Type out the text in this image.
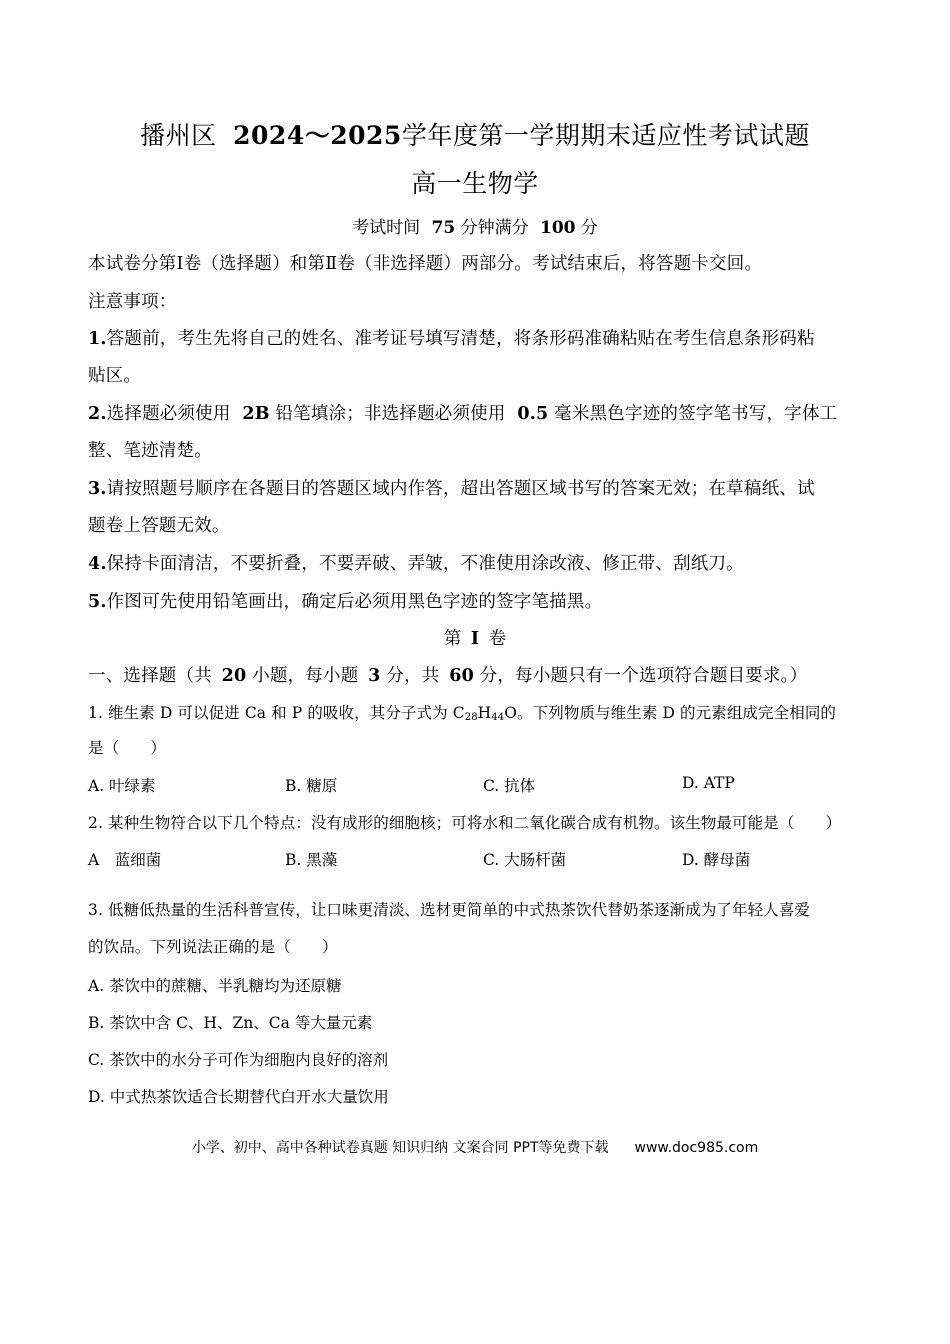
播州区 2024～2025学年度第一学期期末适应性考试试题
高一生物学
考试时间 75 分钟满分 100 分
本试卷分第Ⅰ卷（选择题）和第Ⅱ卷（非选择题）两部分。考试结束后，将答题卡交回。
注意事项：
1.答题前，考生先将自己的姓名、准考证号填写清楚，将条形码准确粘贴在考生信息条形码粘
贴区。
2.选择题必须使用 2B 铅笔填涂；非选择题必须使用 0.5 毫米黑色字迹的签字笔书写，字体工
整、笔迹清楚。
3.请按照题号顺序在各题目的答题区域内作答，超出答题区域书写的答案无效；在草稿纸、试
题卷上答题无效。
4.保持卡面清洁，不要折叠，不要弄破、弄皱，不准使用涂改液、修正带、刮纸刀。
5.作图可先使用铅笔画出，确定后必须用黑色字迹的签字笔描黑。
第 I 卷
一、选择题（共 20 小题，每小题 3 分，共 60 分，每小题只有一个选项符合题目要求。）
1. 维生素 D 可以促进 Ca 和 P 的吸收，其分子式为 $C_{28}H_{44}O$。下列物质与维生素 D 的元素组成完全相同的
是（　　）
A. 叶绿素	B. 糖原	C. 抗体	D. ATP
2. 某种生物符合以下几个特点：没有成形的细胞核；可将水和二氧化碳合成有机物。该生物最可能是（　　）
A　蓝细菌	B. 黑藻	C. 大肠杆菌	D. 酵母菌
3. 低糖低热量的生活科普宣传，让口味更清淡、选材更简单的中式热茶饮代替奶茶逐渐成为了年轻人喜爱
的饮品。下列说法正确的是（　　）
A. 茶饮中的蔗糖、半乳糖均为还原糖
B. 茶饮中含 C、H、Zn、Ca 等大量元素
C. 茶饮中的水分子可作为细胞内良好的溶剂
D. 中式热茶饮适合长期替代白开水大量饮用
小学、初中、高中各种试卷真题 知识归纳 文案合同 PPT等免费下载 www.doc985.com
